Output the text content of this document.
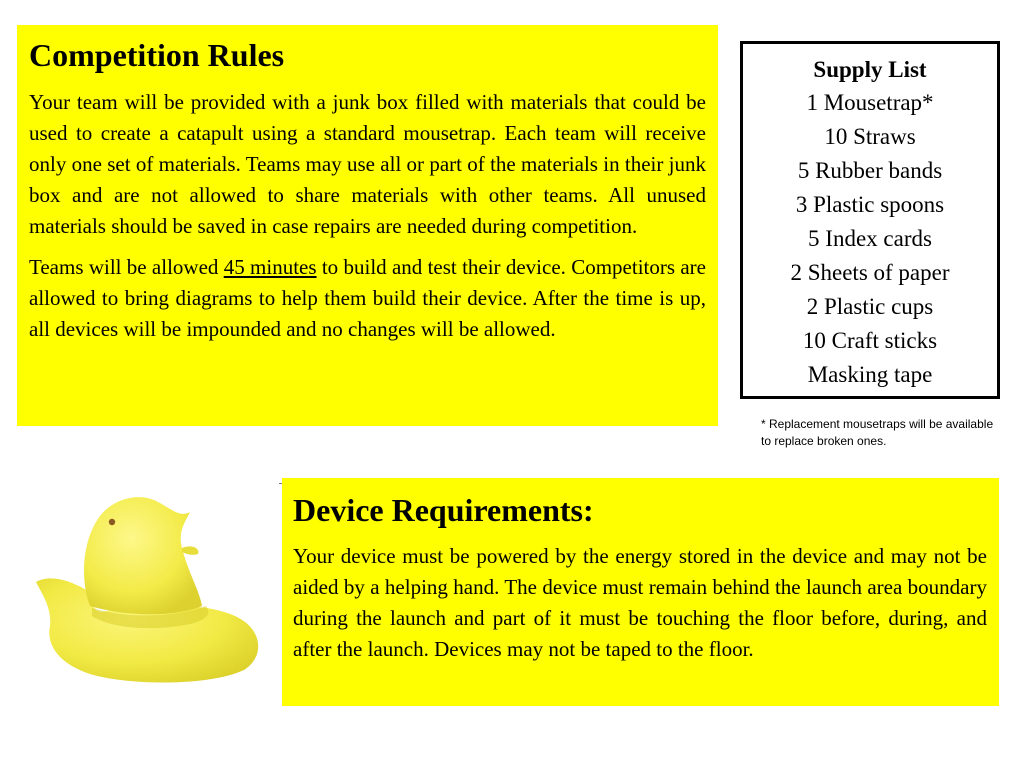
Competition Rules

Your team will be provided with a junk box filled with materials that could be used to create a catapult using a standard mousetrap. Each team will receive only one set of materials. Teams may use all or part of the materials in their junk box and are not allowed to share materials with other teams. All unused materials should be saved in case repairs are needed during competition.

Teams will be allowed 45 minutes to build and test their device. Competitors are allowed to bring diagrams to help them build their device. After the time is up, all devices will be impounded and no changes will be allowed.

Supply List
1 Mousetrap*
10 Straws
5 Rubber bands
3 Plastic spoons
5 Index cards
2 Sheets of paper
2 Plastic cups
10 Craft sticks
Masking tape
* Replacement mousetraps will be available to replace broken ones.
Device Requirements:

Your device must be powered by the energy stored in the device and may not be aided by a helping hand. The device must remain behind the launch area boundary during the launch and part of it must be touching the floor before, during, and after the launch. Devices may not be taped to the floor.
